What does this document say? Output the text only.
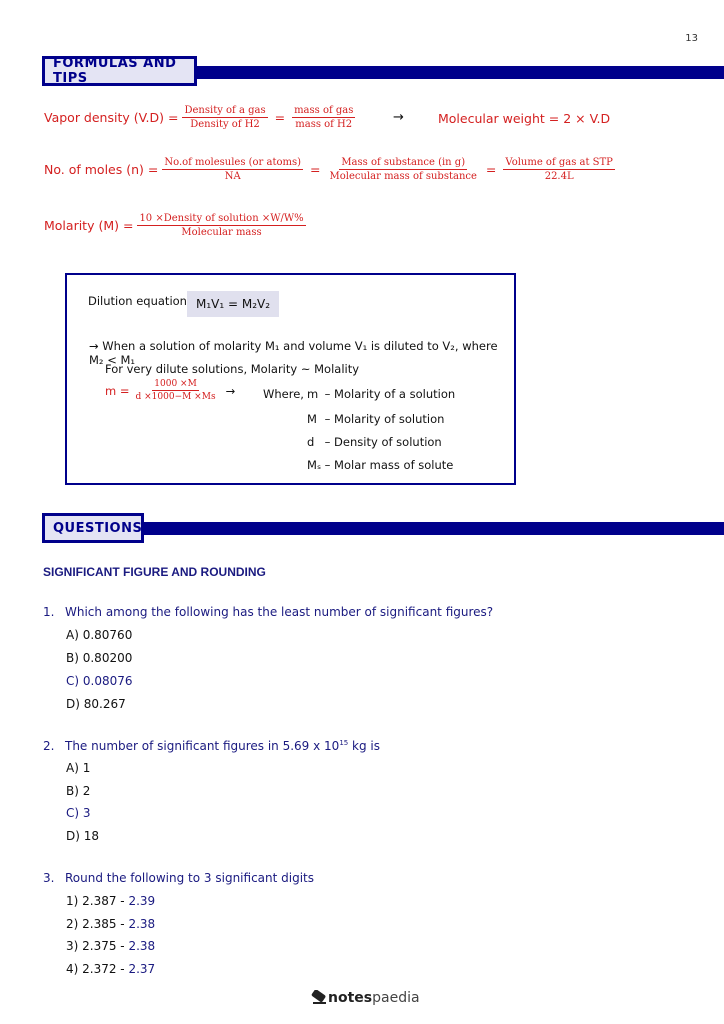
13
FORMULAS AND TIPS
Vapor density $(V.D) = \frac{\text{Density of a gas}}{\text{Density of H2}} = \frac{\text{mass of gas}}{\text{mass of H2}}$	→	Molecular weight = 2 × V.D
No. of moles $(n) = \frac{\text{No.of molesules (or atoms)}}{NA} = \frac{\text{Mass of substance (in g)}}{\text{Molecular mass of substance}} = \frac{\text{Volume of gas at STP}}{22.4L}$
Molarity $(M) = \frac{\text{10 ×Density of solution ×W/W\%}}{\text{Molecular mass}}$
Dilution equation M₁V₁ = M₂V₂
→ When a solution of molarity M₁ and volume V₁ is diluted to V₂, where M₂ < M₁
For very dilute solutions, Molarity ~ Molality
$m = \frac{1000 \times M}{d \times 1000-M \times Ms}$ → Where, m – Molarity of a solution
M – Molarity of solution
d – Density of solution
Mₛ – Molar mass of solute
QUESTIONS
SIGNIFICANT FIGURE AND ROUNDING
1. Which among the following has the least number of significant figures?
A) 0.80760
B) 0.80200
C) 0.08076
D) 80.267
2. The number of significant figures in 5.69 x $10^{15}$ kg is
A) 1
B) 2
C) 3
D) 18
3. Round the following to 3 significant digits
1) 2.387 - 2.39
2) 2.385 - 2.38
3) 2.375 - 2.38
4) 2.372 - 2.37
notes paedia
